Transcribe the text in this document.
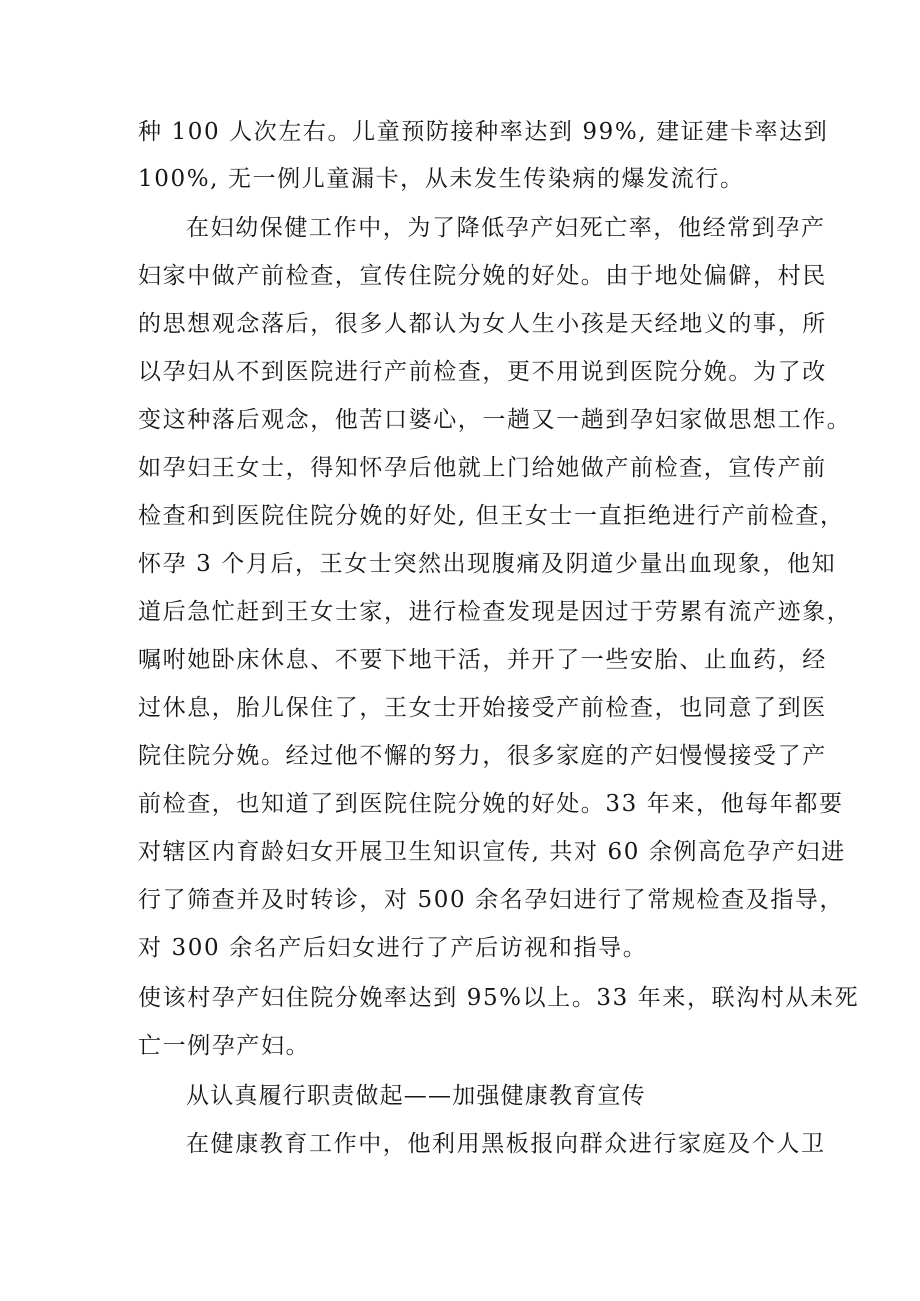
种 100 人次左右。儿童预防接种率达到 99%, 建证建卡率达到
100%, 无一例儿童漏卡，从未发生传染病的爆发流行。
在妇幼保健工作中，为了降低孕产妇死亡率，他经常到孕产
妇家中做产前检查，宣传住院分娩的好处。由于地处偏僻，村民
的思想观念落后，很多人都认为女人生小孩是天经地义的事，所
以孕妇从不到医院进行产前检查，更不用说到医院分娩。为了改
变这种落后观念，他苦口婆心，一趟又一趟到孕妇家做思想工作。
如孕妇王女士，得知怀孕后他就上门给她做产前检查，宣传产前
检查和到医院住院分娩的好处, 但王女士一直拒绝进行产前检查，
怀孕 3 个月后，王女士突然出现腹痛及阴道少量出血现象，他知
道后急忙赶到王女士家，进行检查发现是因过于劳累有流产迹象，
嘱咐她卧床休息、不要下地干活，并开了一些安胎、止血药，经
过休息，胎儿保住了，王女士开始接受产前检查，也同意了到医
院住院分娩。经过他不懈的努力，很多家庭的产妇慢慢接受了产
前检查，也知道了到医院住院分娩的好处。33 年来，他每年都要
对辖区内育龄妇女开展卫生知识宣传, 共对 60 余例高危孕产妇进
行了筛查并及时转诊，对 500 余名孕妇进行了常规检查及指导，
对 300 余名产后妇女进行了产后访视和指导。
使该村孕产妇住院分娩率达到 95%以上。33 年来，联沟村从未死
亡一例孕产妇。
从认真履行职责做起——加强健康教育宣传
在健康教育工作中，他利用黑板报向群众进行家庭及个人卫
